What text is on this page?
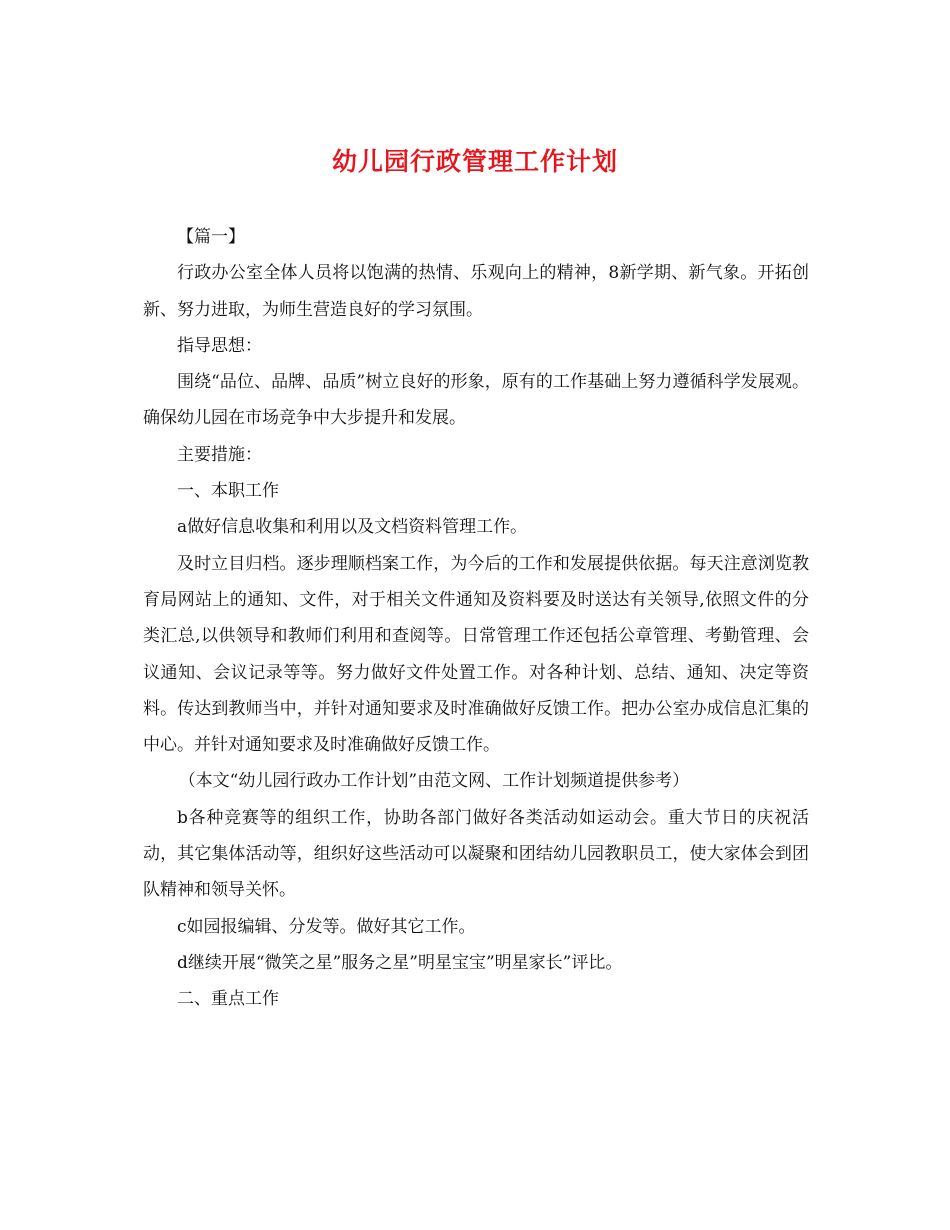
幼儿园行政管理工作计划

【篇一】

行政办公室全体人员将以饱满的热情、乐观向上的精神，8新学期、新气象。开拓创新、努力进取，为师生营造良好的学习氛围。

指导思想：

围绕“品位、品牌、品质”树立良好的形象，原有的工作基础上努力遵循科学发展观。确保幼儿园在市场竞争中大步提升和发展。

主要措施：

一、本职工作

a做好信息收集和利用以及文档资料管理工作。

及时立目归档。逐步理顺档案工作，为今后的工作和发展提供依据。每天注意浏览教育局网站上的通知、文件，对于相关文件通知及资料要及时送达有关领导,依照文件的分类汇总,以供领导和教师们利用和查阅等。日常管理工作还包括公章管理、考勤管理、会议通知、会议记录等等。努力做好文件处置工作。对各种计划、总结、通知、决定等资料。传达到教师当中，并针对通知要求及时准确做好反馈工作。把办公室办成信息汇集的中心。并针对通知要求及时准确做好反馈工作。

（本文“幼儿园行政办工作计划”由范文网、工作计划频道提供参考）

b各种竞赛等的组织工作，协助各部门做好各类活动如运动会。重大节日的庆祝活动，其它集体活动等，组织好这些活动可以凝聚和团结幼儿园教职员工，使大家体会到团队精神和领导关怀。

c如园报编辑、分发等。做好其它工作。

d继续开展“微笑之星”服务之星”明星宝宝”明星家长”评比。

二、重点工作
